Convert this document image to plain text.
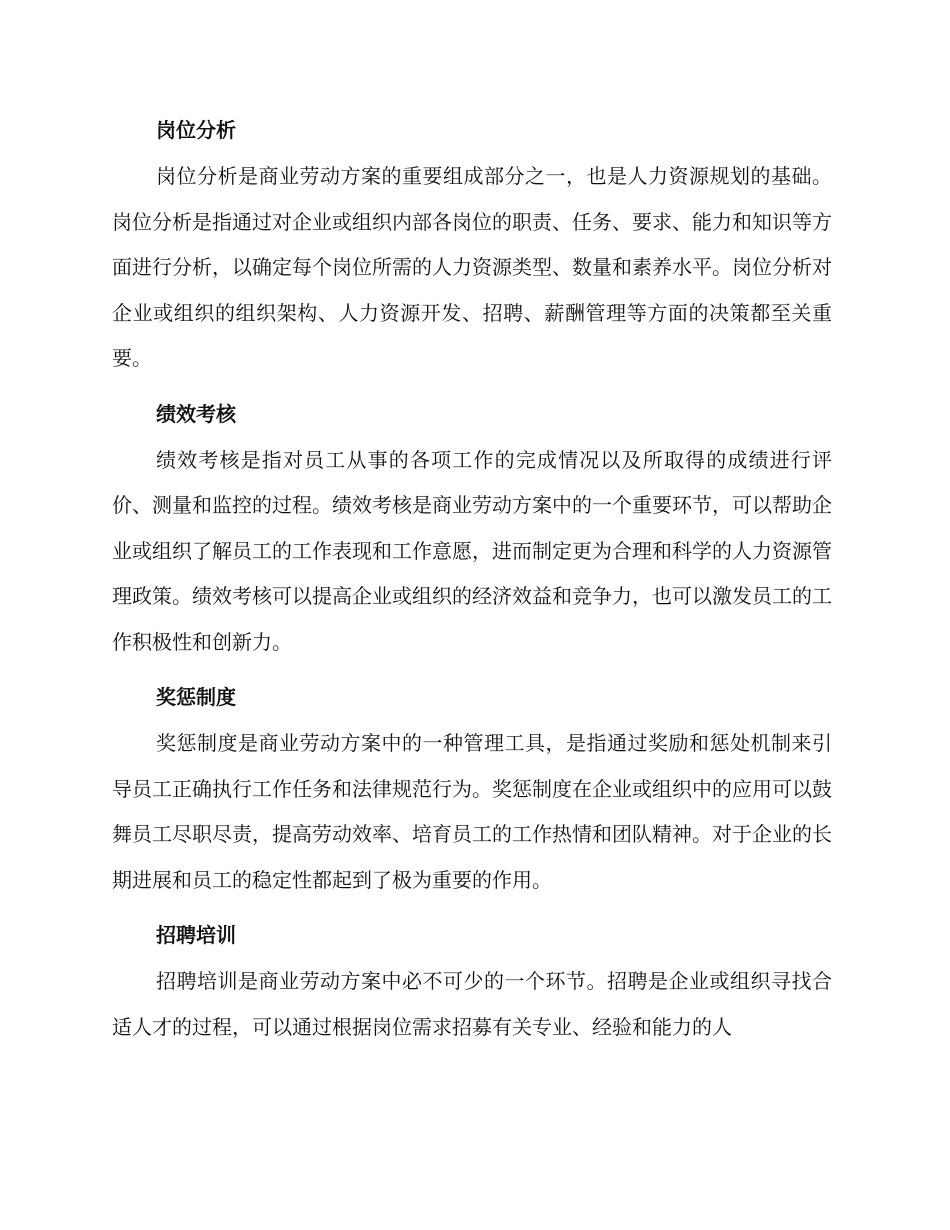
岗位分析

岗位分析是商业劳动方案的重要组成部分之一，也是人力资源规划的基础。岗位分析是指通过对企业或组织内部各岗位的职责、任务、要求、能力和知识等方面进行分析，以确定每个岗位所需的人力资源类型、数量和素养水平。岗位分析对企业或组织的组织架构、人力资源开发、招聘、薪酬管理等方面的决策都至关重要。

绩效考核

绩效考核是指对员工从事的各项工作的完成情况以及所取得的成绩进行评价、测量和监控的过程。绩效考核是商业劳动方案中的一个重要环节，可以帮助企业或组织了解员工的工作表现和工作意愿，进而制定更为合理和科学的人力资源管理政策。绩效考核可以提高企业或组织的经济效益和竞争力，也可以激发员工的工作积极性和创新力。

奖惩制度

奖惩制度是商业劳动方案中的一种管理工具，是指通过奖励和惩处机制来引导员工正确执行工作任务和法律规范行为。奖惩制度在企业或组织中的应用可以鼓舞员工尽职尽责，提高劳动效率、培育员工的工作热情和团队精神。对于企业的长期进展和员工的稳定性都起到了极为重要的作用。

招聘培训

招聘培训是商业劳动方案中必不可少的一个环节。招聘是企业或组织寻找合适人才的过程，可以通过根据岗位需求招募有关专业、经验和能力的人
